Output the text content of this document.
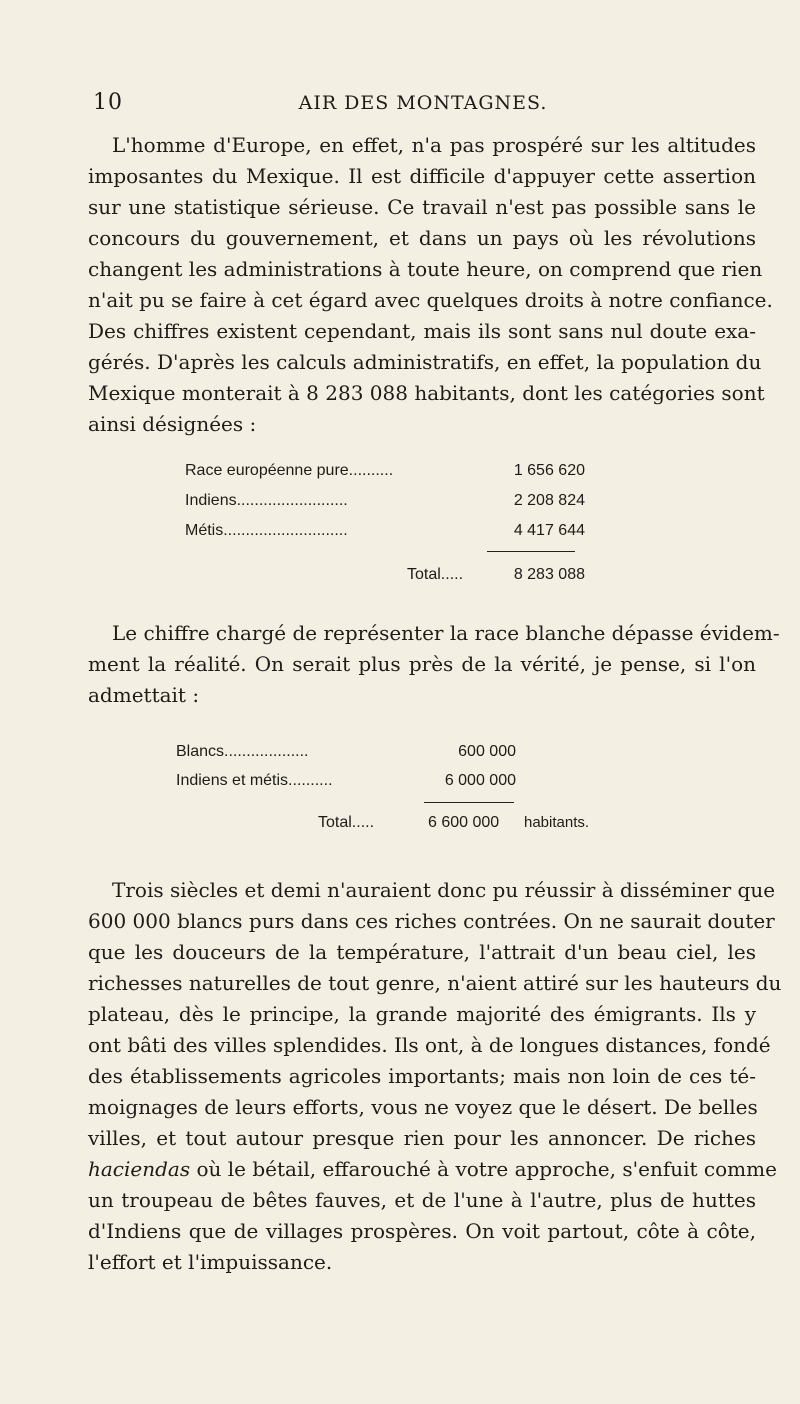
10	AIR DES MONTAGNES.
L'homme d'Europe, en effet, n'a pas prospéré sur les altitudes
imposantes du Mexique. Il est difficile d'appuyer cette assertion
sur une statistique sérieuse. Ce travail n'est pas possible sans le
concours du gouvernement, et dans un pays où les révolutions
changent les administrations à toute heure, on comprend que rien
n'ait pu se faire à cet égard avec quelques droits à notre confiance.
Des chiffres existent cependant, mais ils sont sans nul doute exa-
gérés. D'après les calculs administratifs, en effet, la population du
Mexique monterait à 8 283 088 habitants, dont les catégories sont
ainsi désignées :
Race européenne pure..........	1 656 620
Indiens.........................	2 208 824
Métis............................	4 417 644
Total.....	8 283 088
Le chiffre chargé de représenter la race blanche dépasse évidem-
ment la réalité. On serait plus près de la vérité, je pense, si l'on
admettait :
Blancs...................	600 000
Indiens et métis..........	6 000 000
Total.....	6 600 000 habitants.
Trois siècles et demi n'auraient donc pu réussir à disséminer que
600 000 blancs purs dans ces riches contrées. On ne saurait douter
que les douceurs de la température, l'attrait d'un beau ciel, les
richesses naturelles de tout genre, n'aient attiré sur les hauteurs du
plateau, dès le principe, la grande majorité des émigrants. Ils y
ont bâti des villes splendides. Ils ont, à de longues distances, fondé
des établissements agricoles importants; mais non loin de ces té-
moignages de leurs efforts, vous ne voyez que le désert. De belles
villes, et tout autour presque rien pour les annoncer. De riches
haciendas où le bétail, effarouché à votre approche, s'enfuit comme
un troupeau de bêtes fauves, et de l'une à l'autre, plus de huttes
d'Indiens que de villages prospères. On voit partout, côte à côte,
l'effort et l'impuissance.
